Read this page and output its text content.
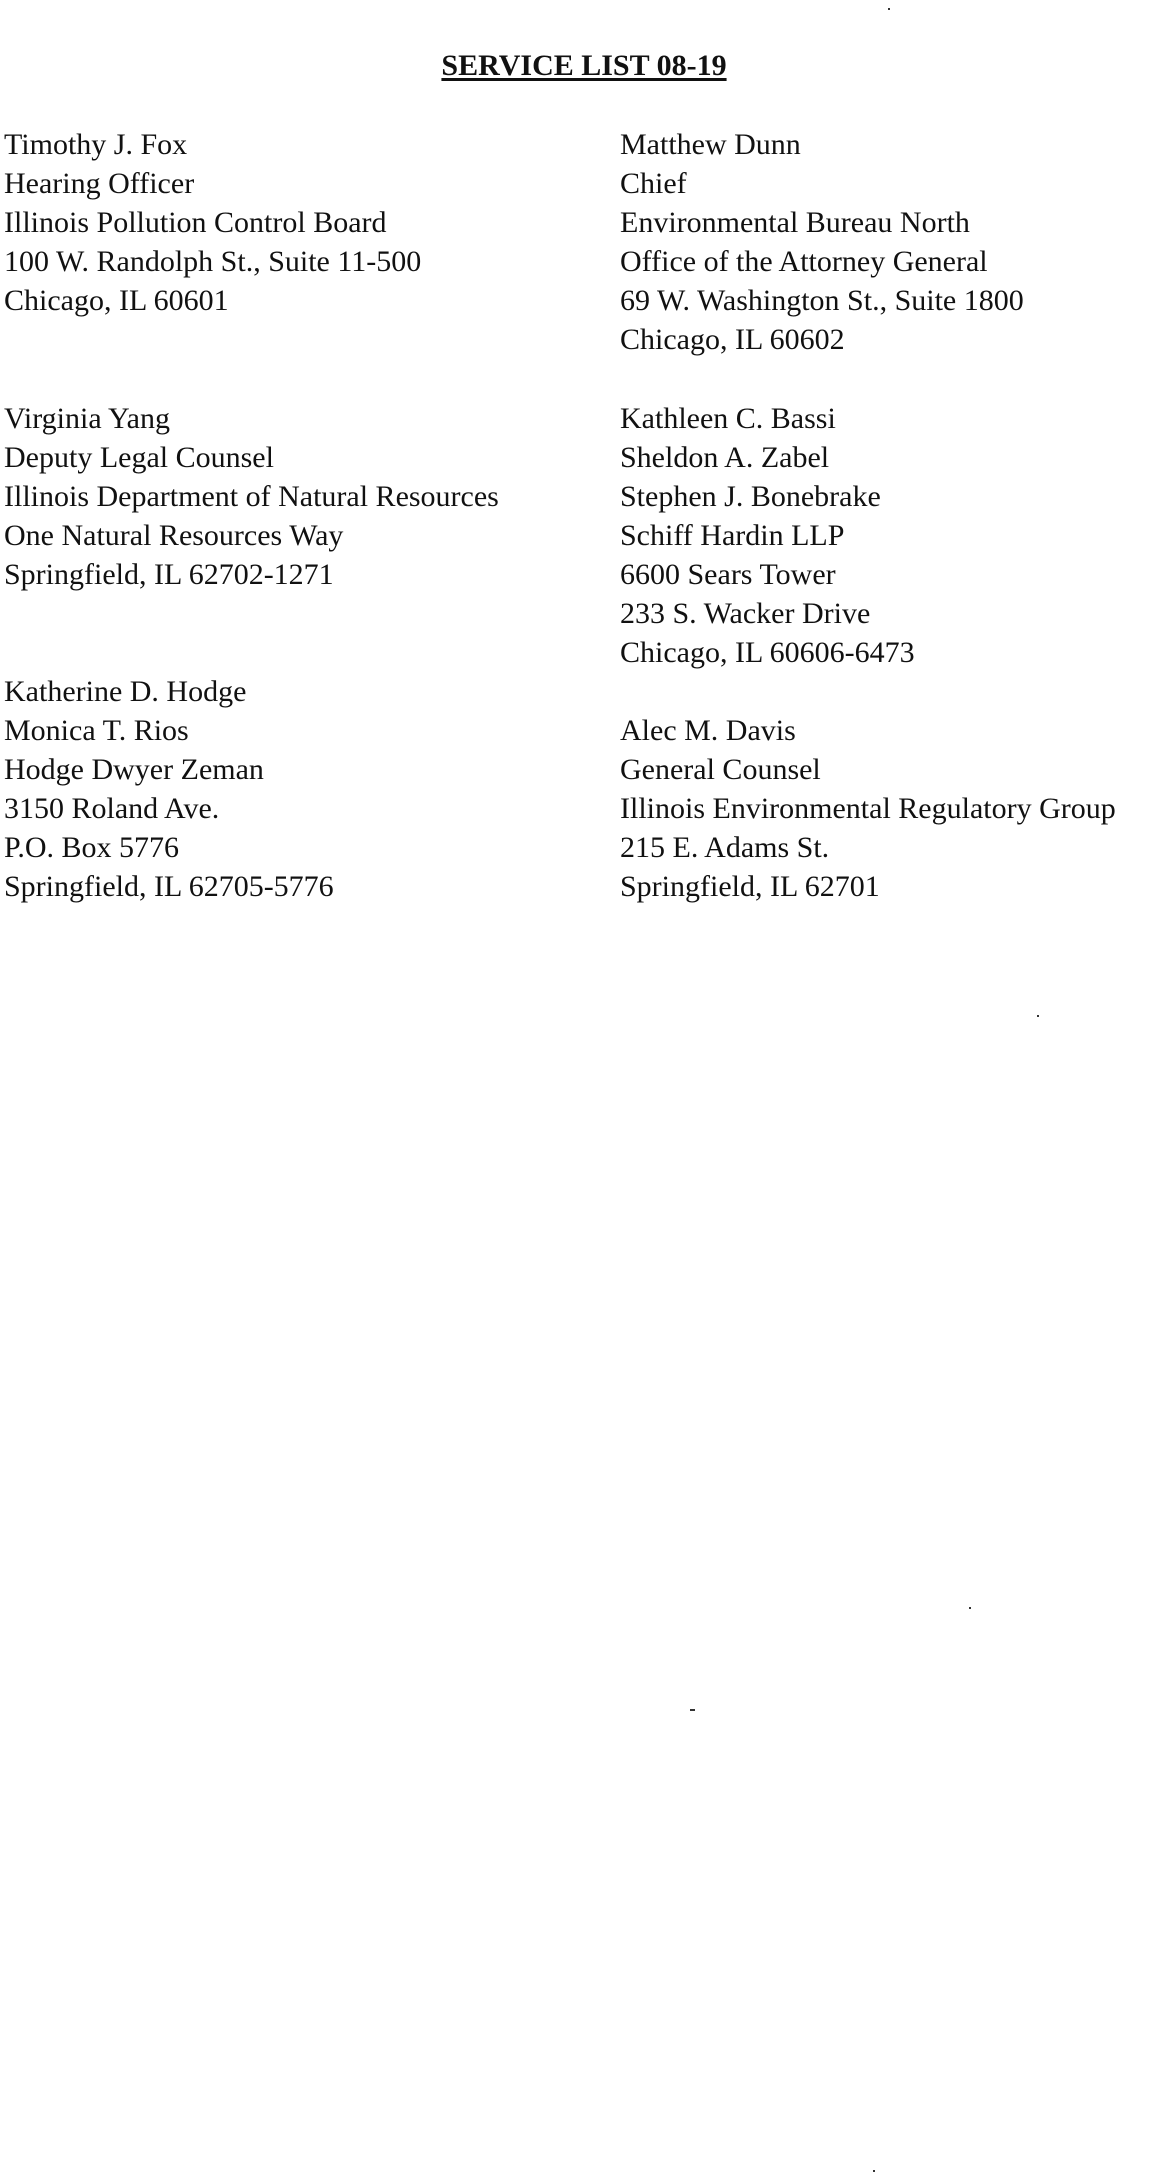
SERVICE LIST 08-19
Timothy J. Fox
Hearing Officer
Illinois Pollution Control Board
100 W. Randolph St., Suite 11-500
Chicago, IL 60601
Virginia Yang
Deputy Legal Counsel
Illinois Department of Natural Resources
One Natural Resources Way
Springfield, IL 62702-1271
Katherine D. Hodge
Monica T. Rios
Hodge Dwyer Zeman
3150 Roland Ave.
P.O. Box 5776
Springfield, IL 62705-5776
Matthew Dunn
Chief
Environmental Bureau North
Office of the Attorney General
69 W. Washington St., Suite 1800
Chicago, IL 60602
Kathleen C. Bassi
Sheldon A. Zabel
Stephen J. Bonebrake
Schiff Hardin LLP
6600 Sears Tower
233 S. Wacker Drive
Chicago, IL 60606-6473
Alec M. Davis
General Counsel
Illinois Environmental Regulatory Group
215 E. Adams St.
Springfield, IL 62701
